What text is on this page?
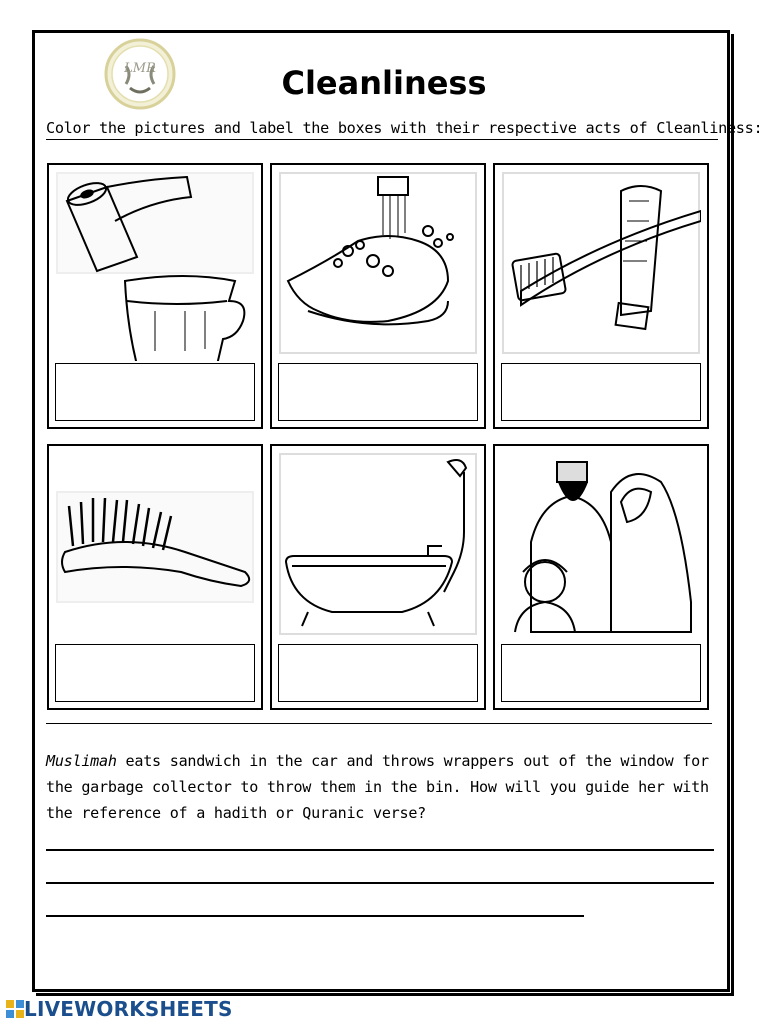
LMR	Cleanliness
Color the pictures and label the boxes with their respective acts of Cleanliness:
Muslimah eats sandwich in the car and throws wrappers out of the window for the garbage collector to throw them in the bin. How will you guide her with the reference of a hadith or Quranic verse?
LIVEWORKSHEETS
